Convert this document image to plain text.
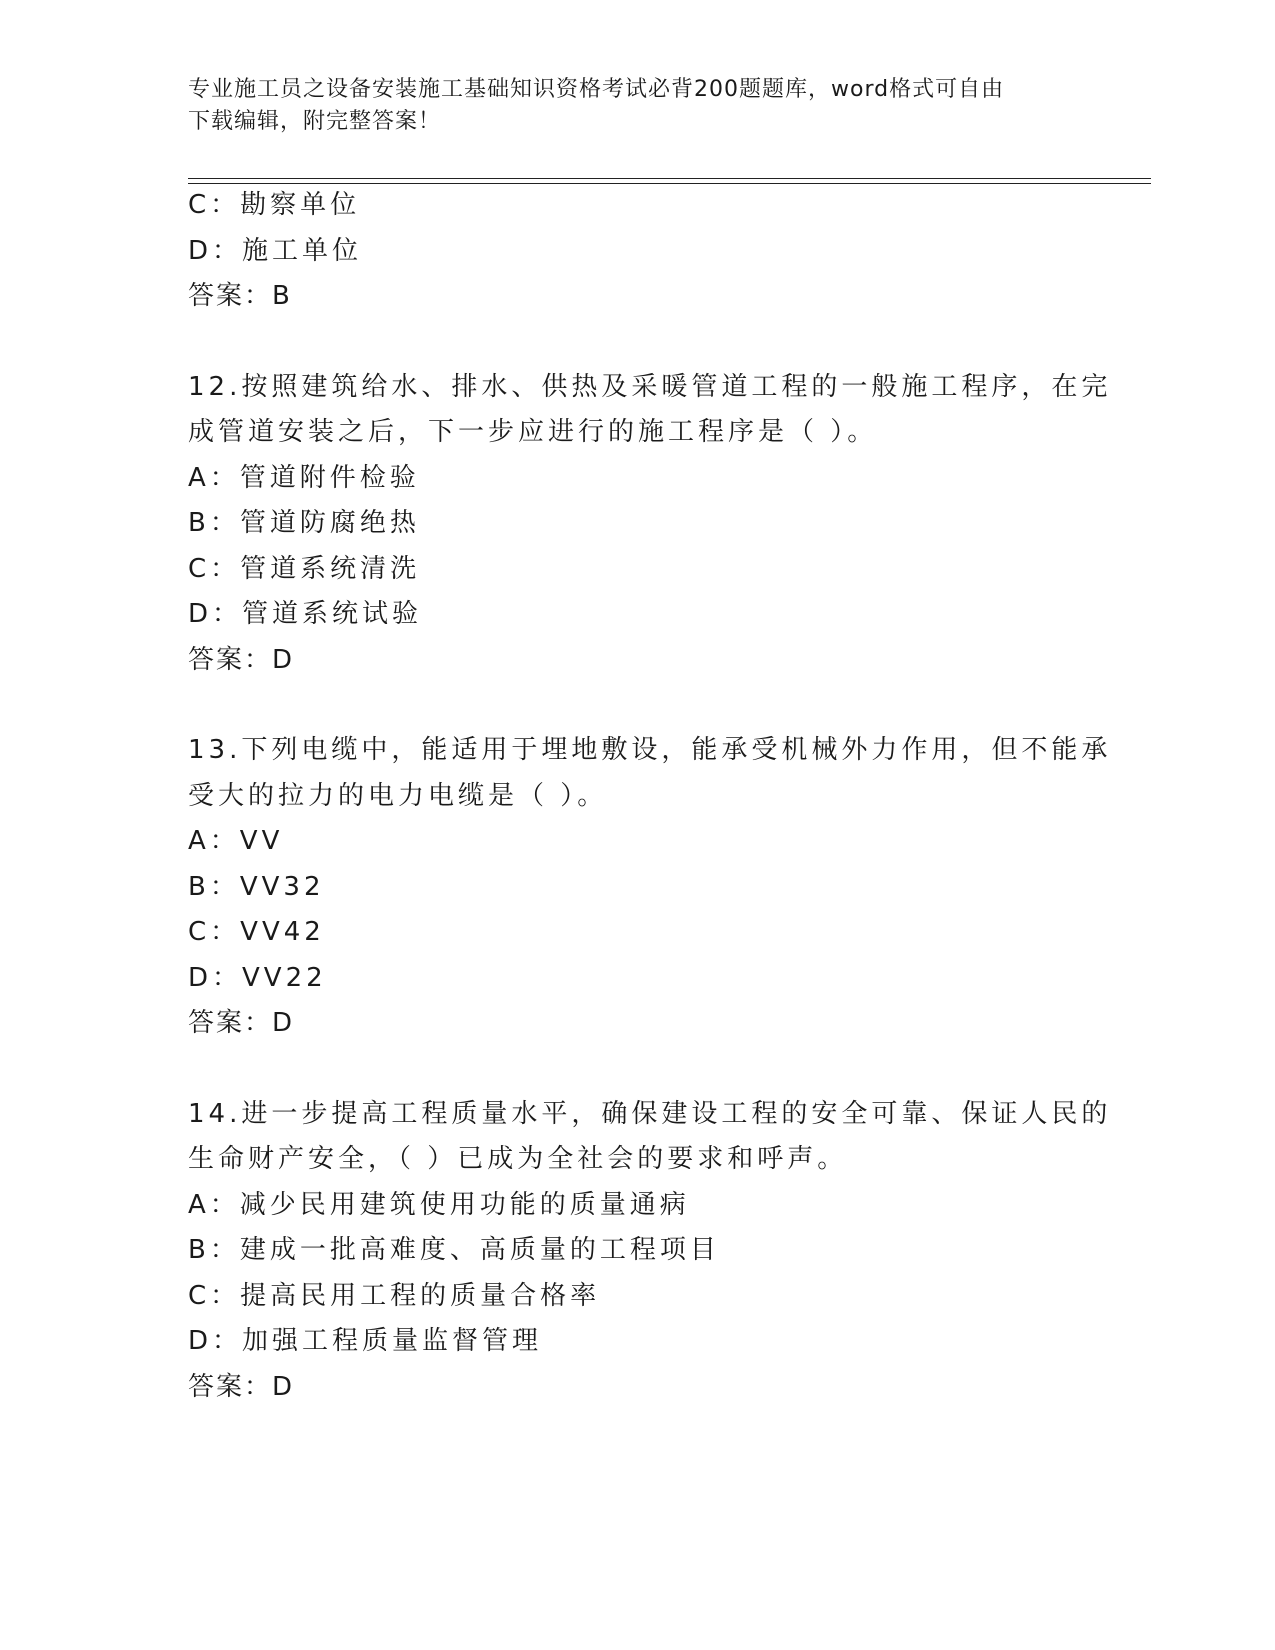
专业施工员之设备安装施工基础知识资格考试必背200题题库，word格式可自由
下载编辑，附完整答案！
C：勘察单位
D：施工单位
答案：B
12.按照建筑给水、排水、供热及采暖管道工程的一般施工程序，在完
成管道安装之后，下一步应进行的施工程序是（ ）。
A：管道附件检验
B：管道防腐绝热
C：管道系统清洗
D：管道系统试验
答案：D
13.下列电缆中，能适用于埋地敷设，能承受机械外力作用，但不能承
受大的拉力的电力电缆是（ ）。
A：VV
B：VV32
C：VV42
D：VV22
答案：D
14.进一步提高工程质量水平，确保建设工程的安全可靠、保证人民的
生命财产安全，（ ）已成为全社会的要求和呼声。
A：减少民用建筑使用功能的质量通病
B：建成一批高难度、高质量的工程项目
C：提高民用工程的质量合格率
D：加强工程质量监督管理
答案：D
